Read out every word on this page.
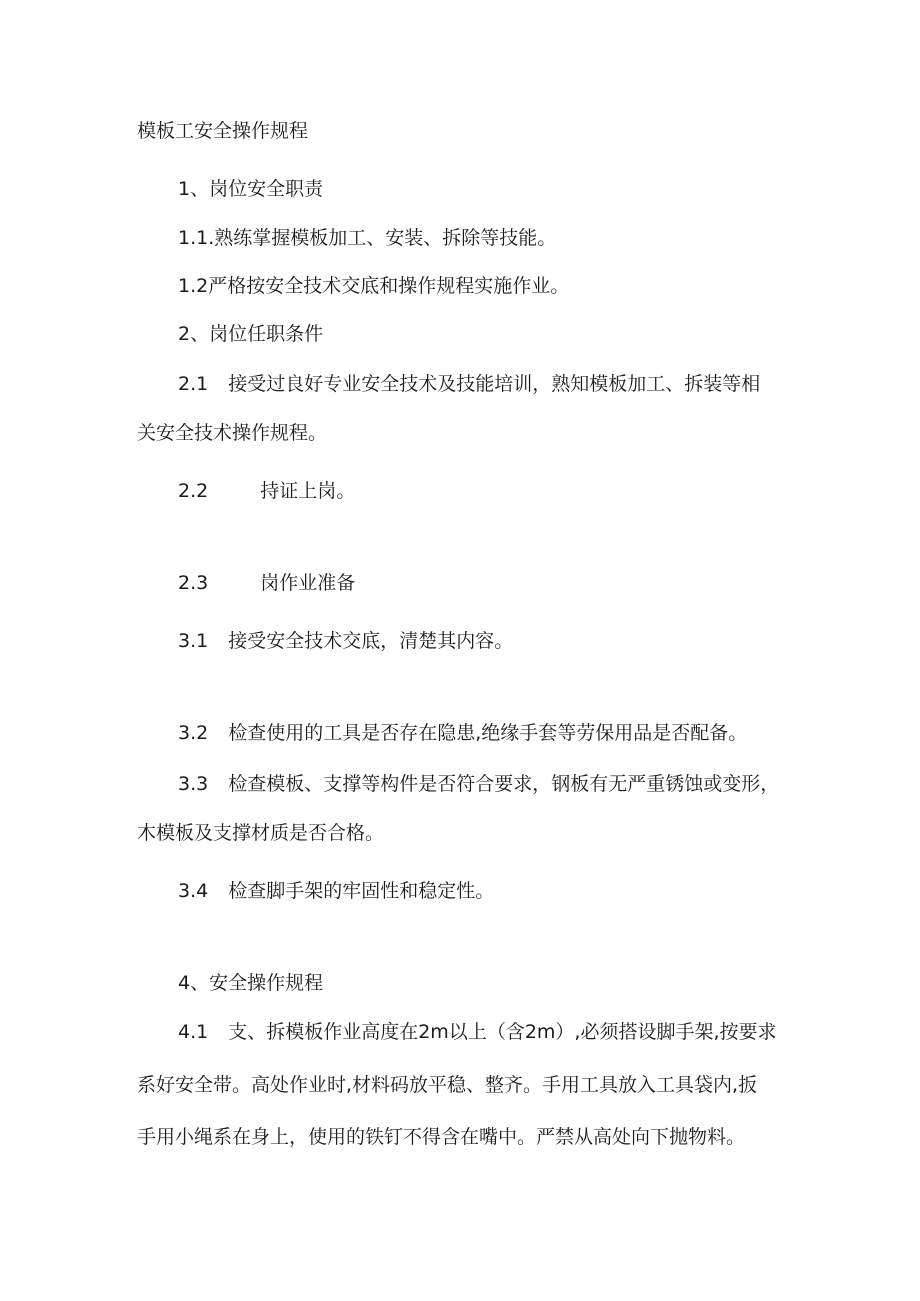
模板工安全操作规程
1、岗位安全职责
1.1.熟练掌握模板加工、安装、拆除等技能。
1.2严格按安全技术交底和操作规程实施作业。
2、岗位任职条件
2.1 接受过良好专业安全技术及技能培训，熟知模板加工、拆装等相
关安全技术操作规程。
2.2	持证上岗。
2.3	岗作业准备
3.1 接受安全技术交底，清楚其内容。
3.2 检查使用的工具是否存在隐患,绝缘手套等劳保用品是否配备。
3.3 检查模板、支撑等构件是否符合要求，钢板有无严重锈蚀或变形，
木模板及支撑材质是否合格。
3.4 检查脚手架的牢固性和稳定性。
4、安全操作规程
4.1 支、拆模板作业高度在2m以上（含2m）,必须搭设脚手架,按要求
系好安全带。高处作业时,材料码放平稳、整齐。手用工具放入工具袋内,扳
手用小绳系在身上，使用的铁钉不得含在嘴中。严禁从高处向下抛物料。
